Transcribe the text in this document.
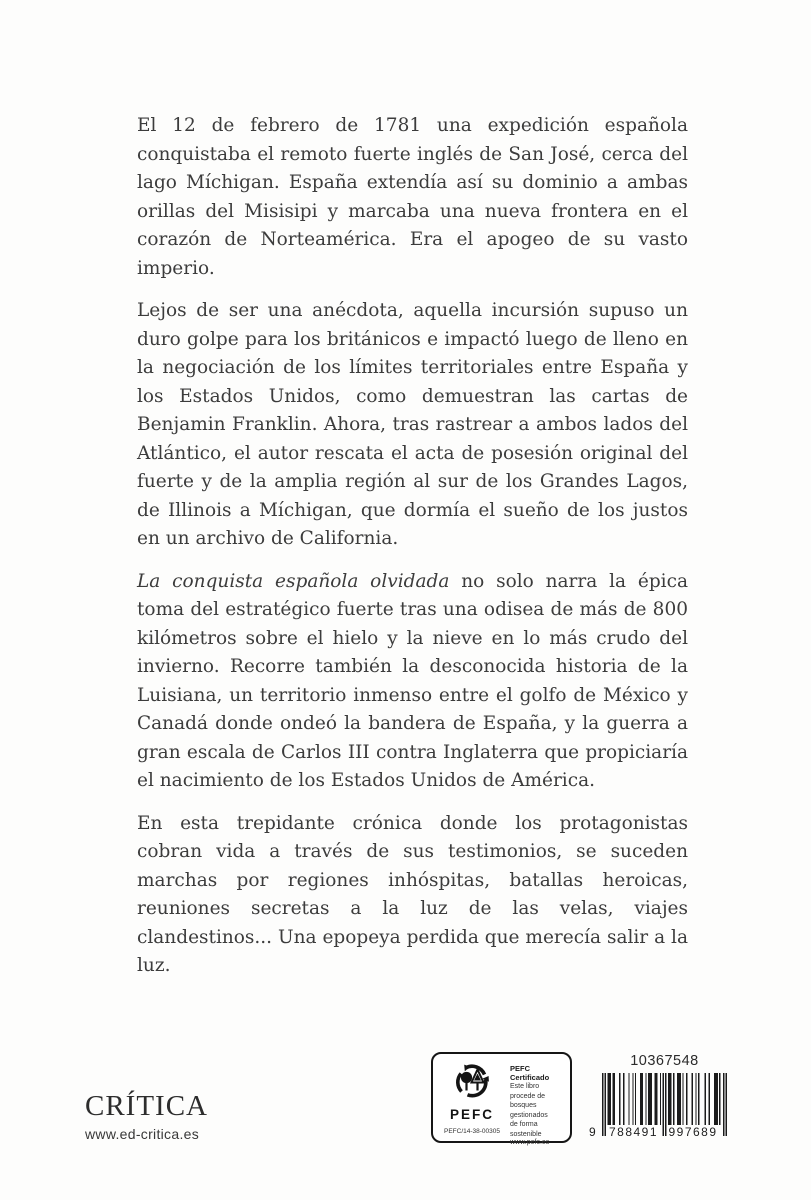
El 12 de febrero de 1781 una expedición española conquistaba el remoto fuerte inglés de San José, cerca del lago Míchigan. España extendía así su dominio a ambas orillas del Misisipi y marcaba una nueva frontera en el corazón de Norteamérica. Era el apogeo de su vasto imperio.

Lejos de ser una anécdota, aquella incursión supuso un duro golpe para los británicos e impactó luego de lleno en la negociación de los límites territoriales entre España y los Estados Unidos, como demuestran las cartas de Benjamin Franklin. Ahora, tras rastrear a ambos lados del Atlántico, el autor rescata el acta de posesión original del fuerte y de la amplia región al sur de los Grandes Lagos, de Illinois a Míchigan, que dormía el sueño de los justos en un archivo de California.

La conquista española olvidada no solo narra la épica toma del estratégico fuerte tras una odisea de más de 800 kilómetros sobre el hielo y la nieve en lo más crudo del invierno. Recorre también la desconocida historia de la Luisiana, un territorio inmenso entre el golfo de México y Canadá donde ondeó la bandera de España, y la guerra a gran escala de Carlos III contra Inglaterra que propiciaría el nacimiento de los Estados Unidos de América.

En esta trepidante crónica donde los protagonistas cobran vida a través de sus testimonios, se suceden marchas por regiones inhóspitas, batallas heroicas, reuniones secretas a la luz de las velas, viajes clandestinos... Una epopeya perdida que merecía salir a la luz.

CRÍTICA
www.ed-critica.es
PEFC
PEFC/14-38-00305
PEFC Certificado
Este libro procede de
bosques gestionados
de forma sostenible
www.pefc.es
10367548
9 788491 997689
